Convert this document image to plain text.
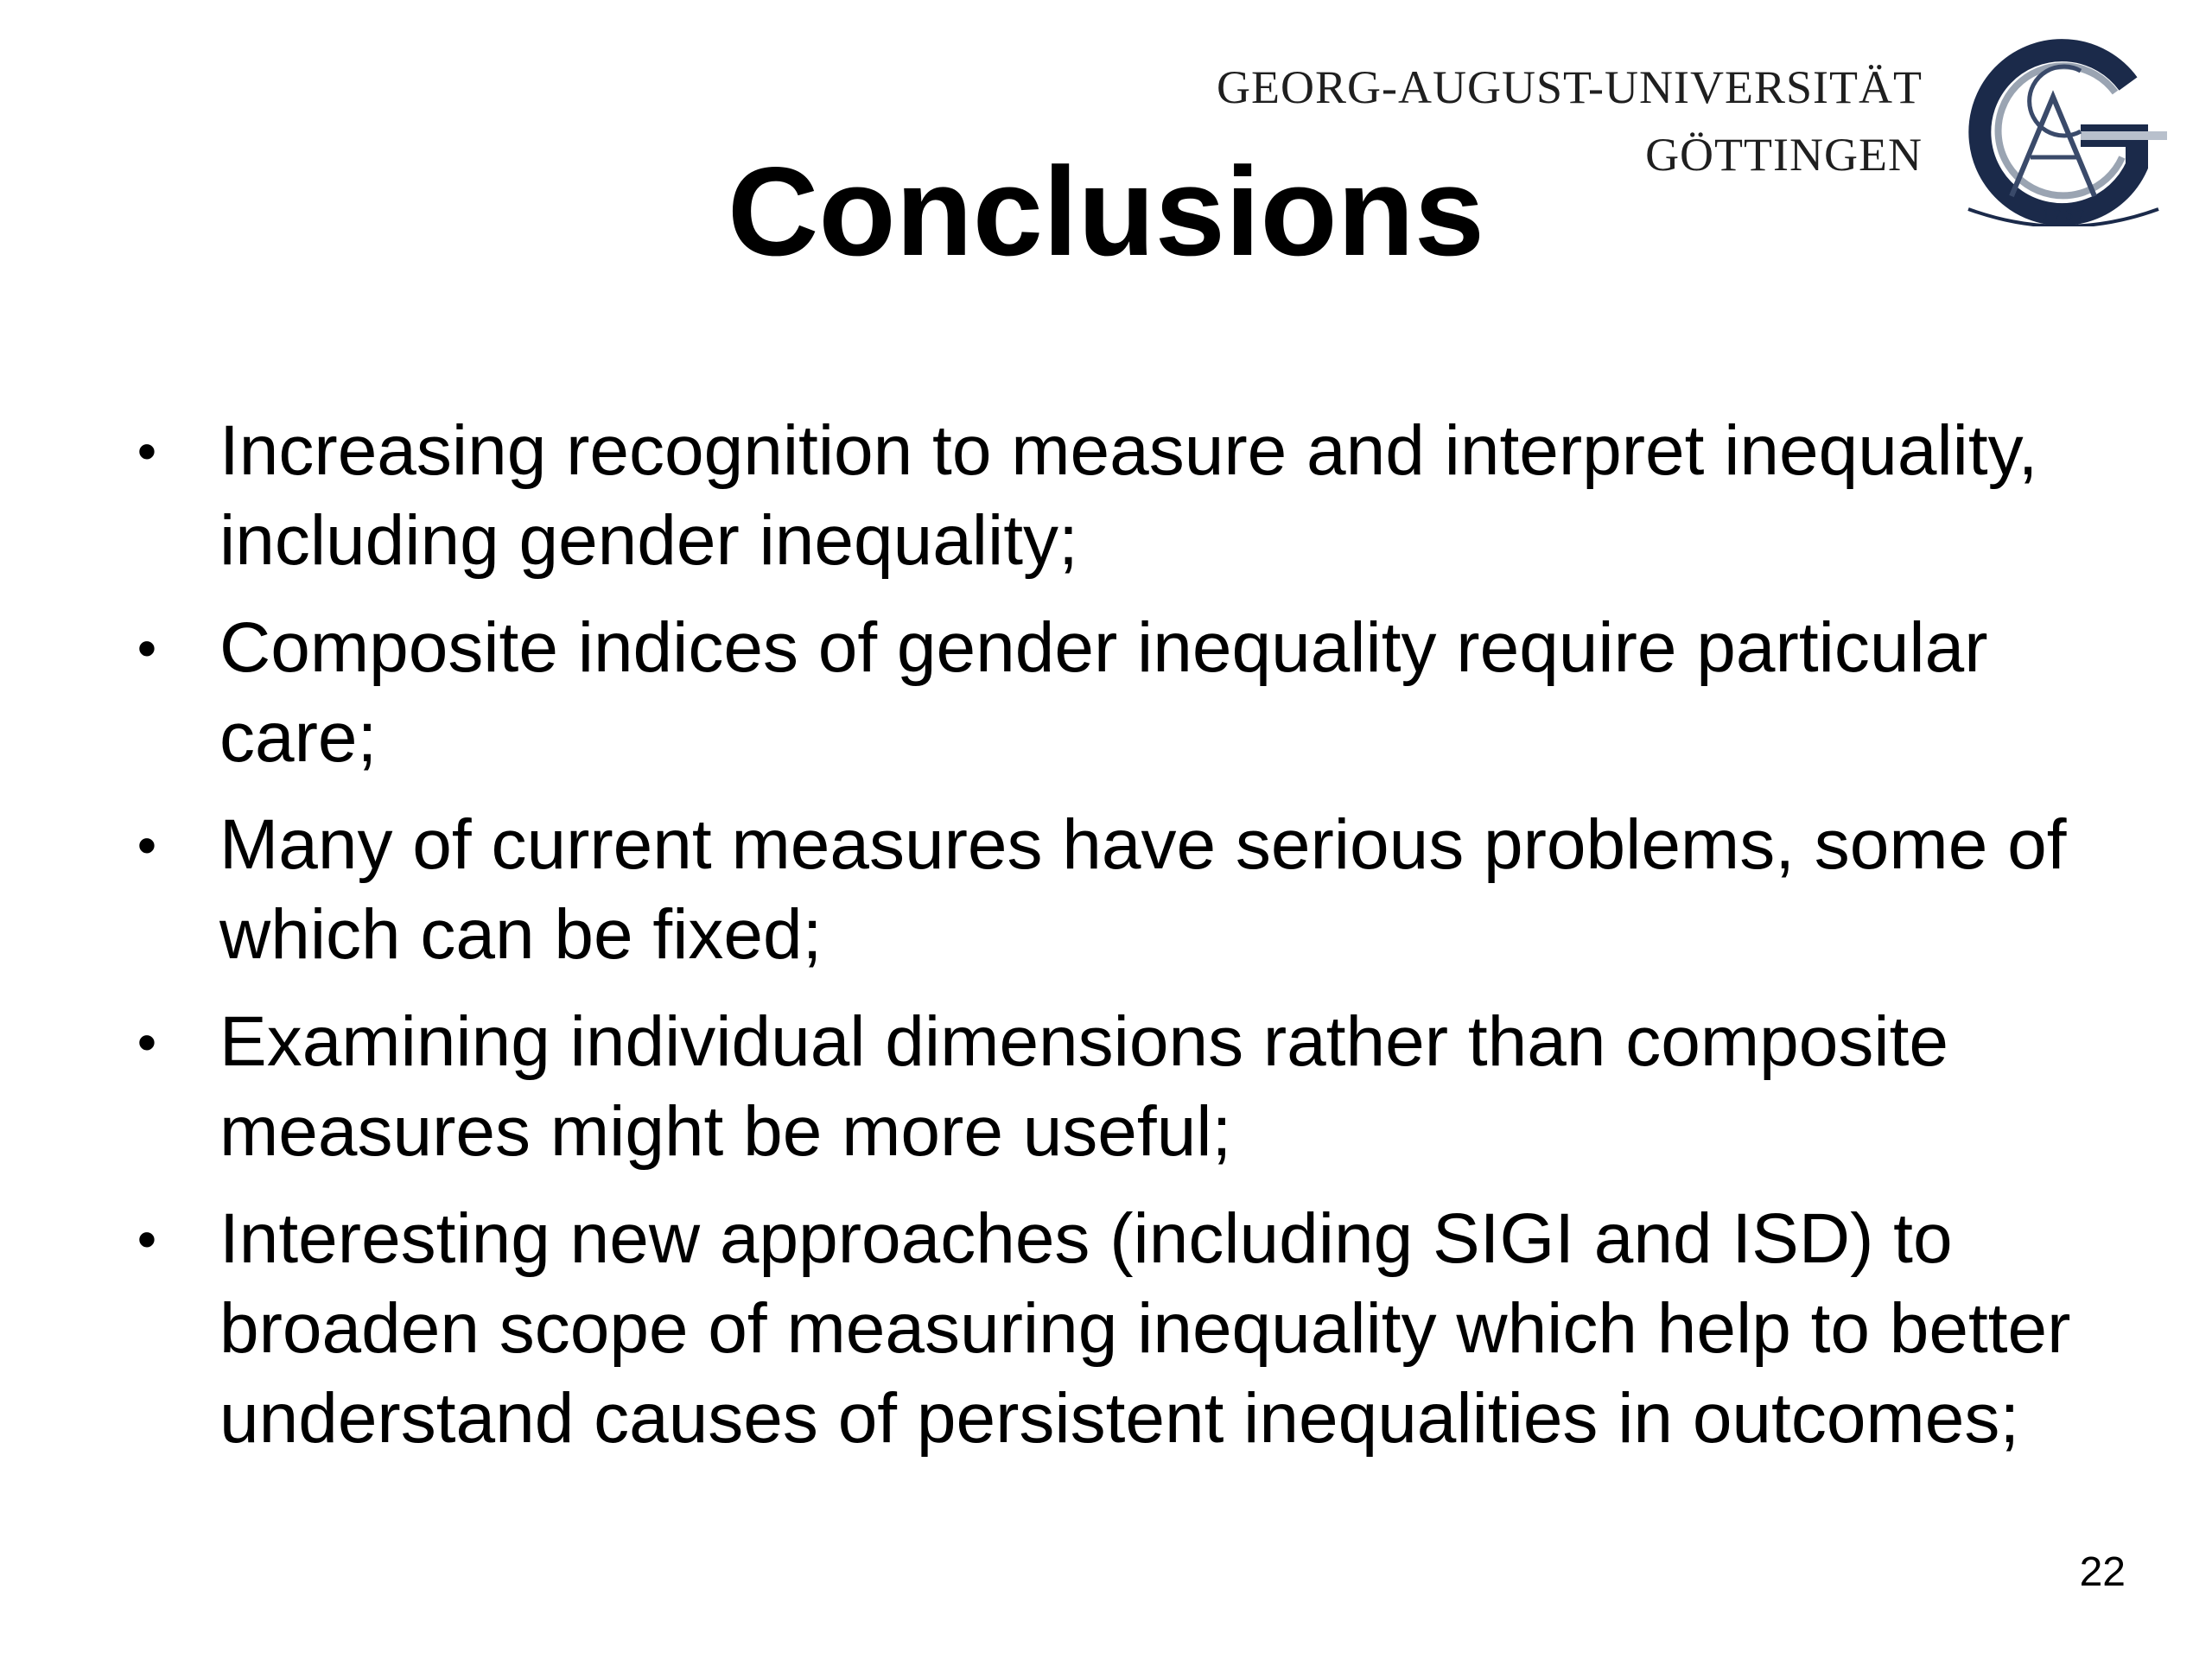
GEORG-AUGUST-UNIVERSITÄT
GÖTTINGEN
1 7 3 7
Conclusions
• Increasing recognition to measure and interpret inequality, including gender inequality;
• Composite indices of gender inequality require particular care;
• Many of current measures have serious problems, some of which can be fixed;
• Examining individual dimensions rather than composite measures might be more useful;
• Interesting new approaches (including SIGI and ISD) to broaden scope of measuring inequality which help to better understand causes of persistent inequalities in outcomes;
22
